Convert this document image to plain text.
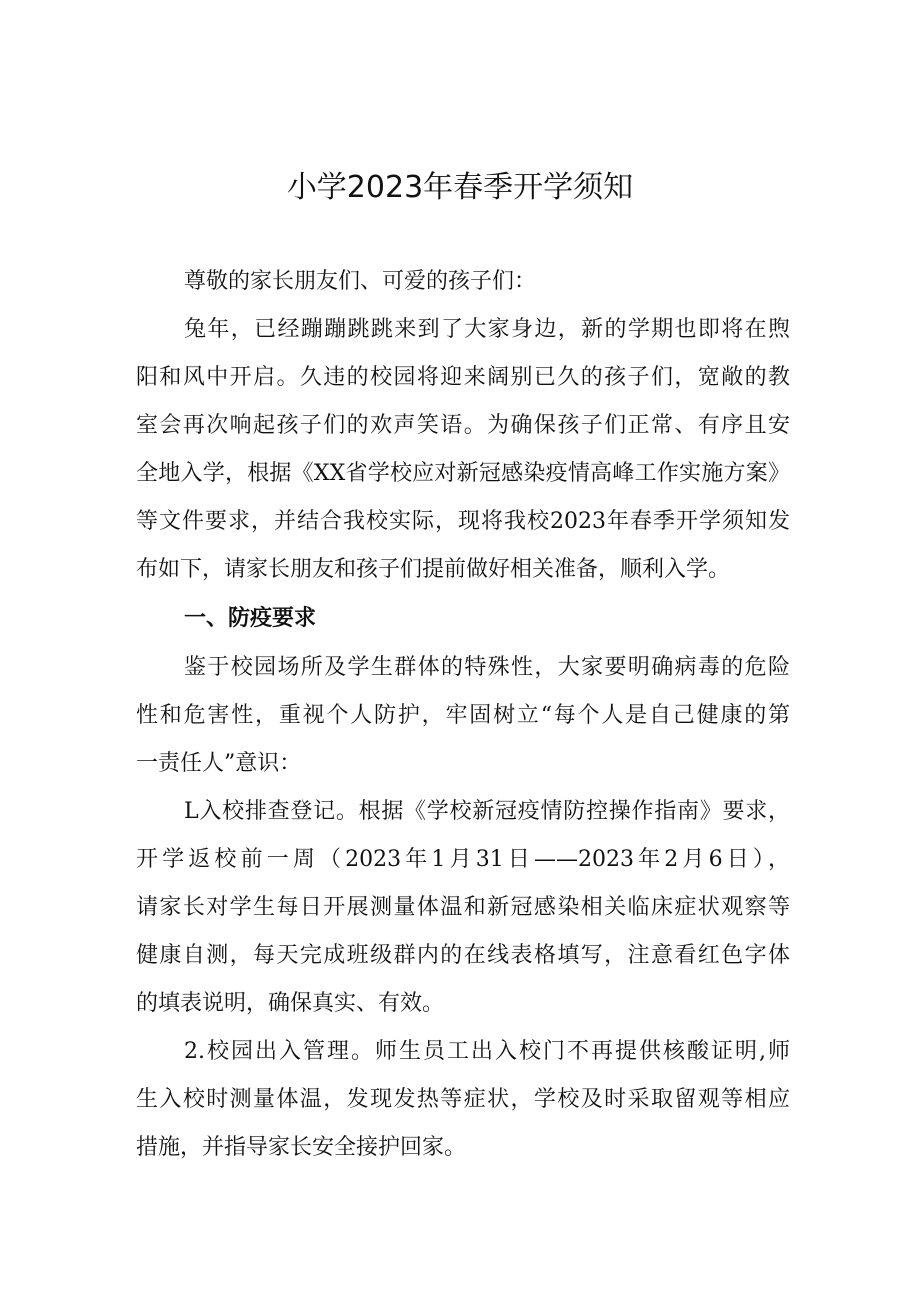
小学2023年春季开学须知
尊敬的家长朋友们、可爱的孩子们：
兔年，已经蹦蹦跳跳来到了大家身边，新的学期也即将在煦
阳和风中开启。久违的校园将迎来阔别已久的孩子们，宽敞的教
室会再次响起孩子们的欢声笑语。为确保孩子们正常、有序且安
全地入学，根据《XX省学校应对新冠感染疫情高峰工作实施方案》
等文件要求，并结合我校实际，现将我校2023年春季开学须知发
布如下，请家长朋友和孩子们提前做好相关准备，顺利入学。
一、防疫要求
鉴于校园场所及学生群体的特殊性，大家要明确病毒的危险
性和危害性，重视个人防护，牢固树立“每个人是自己健康的第
一责任人”意识：
L入校排查登记。根据《学校新冠疫情防控操作指南》要求，
开学返校前一周（2023年1月31日——2023年2月6日），
请家长对学生每日开展测量体温和新冠感染相关临床症状观察等
健康自测，每天完成班级群内的在线表格填写，注意看红色字体
的填表说明，确保真实、有效。
2.校园出入管理。师生员工出入校门不再提供核酸证明,师
生入校时测量体温，发现发热等症状，学校及时采取留观等相应
措施，并指导家长安全接护回家。
